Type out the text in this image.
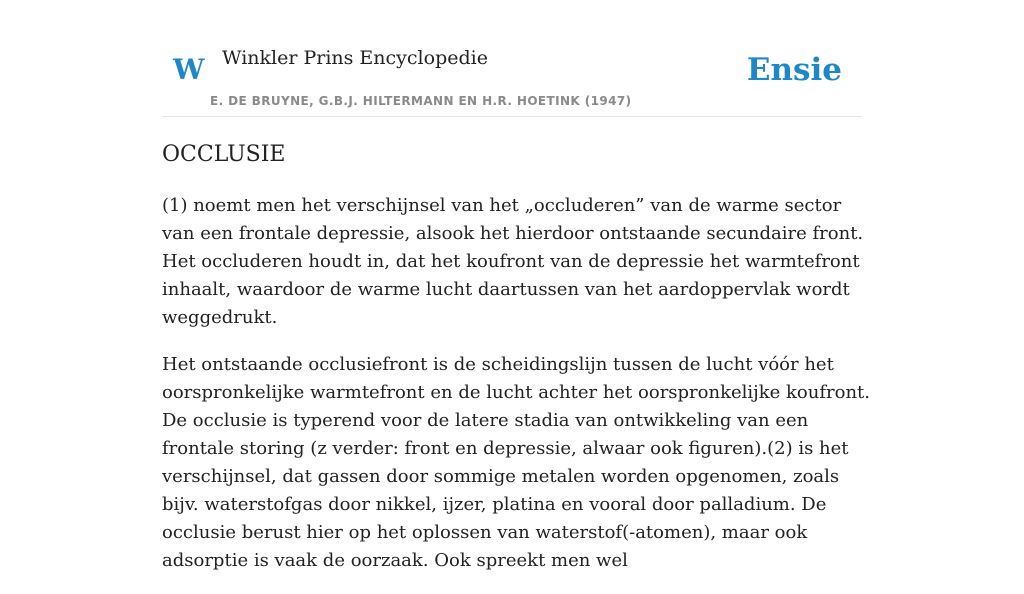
W Winkler Prins Encyclopedie
E. DE BRUYNE, G.B.J. HILTERMANN EN H.R. HOETINK (1947)
Ensie
OCCLUSIE

(1) noemt men het verschijnsel van het „occluderen” van de warme sector van een frontale depressie, alsook het hierdoor ontstaande secundaire front. Het occluderen houdt in, dat het koufront van de depressie het warmtefront inhaalt, waardoor de warme lucht daartussen van het aardoppervlak wordt weggedrukt.

Het ontstaande occlusiefront is de scheidingslijn tussen de lucht vóór het oorspronkelijke warmtefront en de lucht achter het oorspronkelijke koufront. De occlusie is typerend voor de latere stadia van ontwikkeling van een frontale storing (z verder: front en depressie, alwaar ook figuren).(2) is het verschijnsel, dat gassen door sommige metalen worden opgenomen, zoals bijv. waterstofgas door nikkel, ijzer, platina en vooral door palladium. De occlusie berust hier op het oplossen van waterstof(-atomen), maar ook adsorptie is vaak de oorzaak. Ook spreekt men wel
